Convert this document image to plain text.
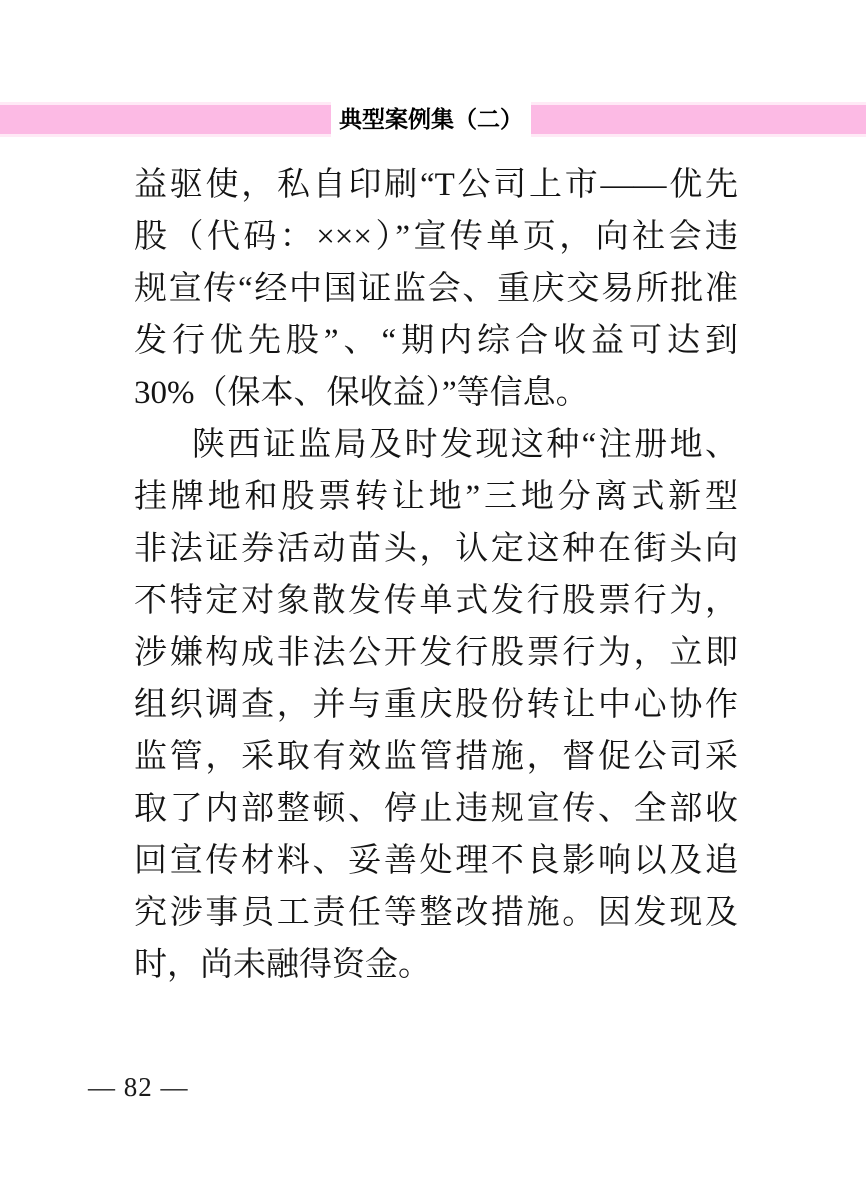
典型案例集（二）
益驱使，私自印刷“T公司上市——优先
股（代码：×××）”宣传单页，向社会违
规宣传“经中国证监会、重庆交易所批准
发行优先股”、“期内综合收益可达到
30%（保本、保收益）”等信息。
陕西证监局及时发现这种“注册地、
挂牌地和股票转让地”三地分离式新型
非法证券活动苗头，认定这种在街头向
不特定对象散发传单式发行股票行为，
涉嫌构成非法公开发行股票行为，立即
组织调查，并与重庆股份转让中心协作
监管，采取有效监管措施，督促公司采
取了内部整顿、停止违规宣传、全部收
回宣传材料、妥善处理不良影响以及追
究涉事员工责任等整改措施。因发现及
时，尚未融得资金。
— 82 —
